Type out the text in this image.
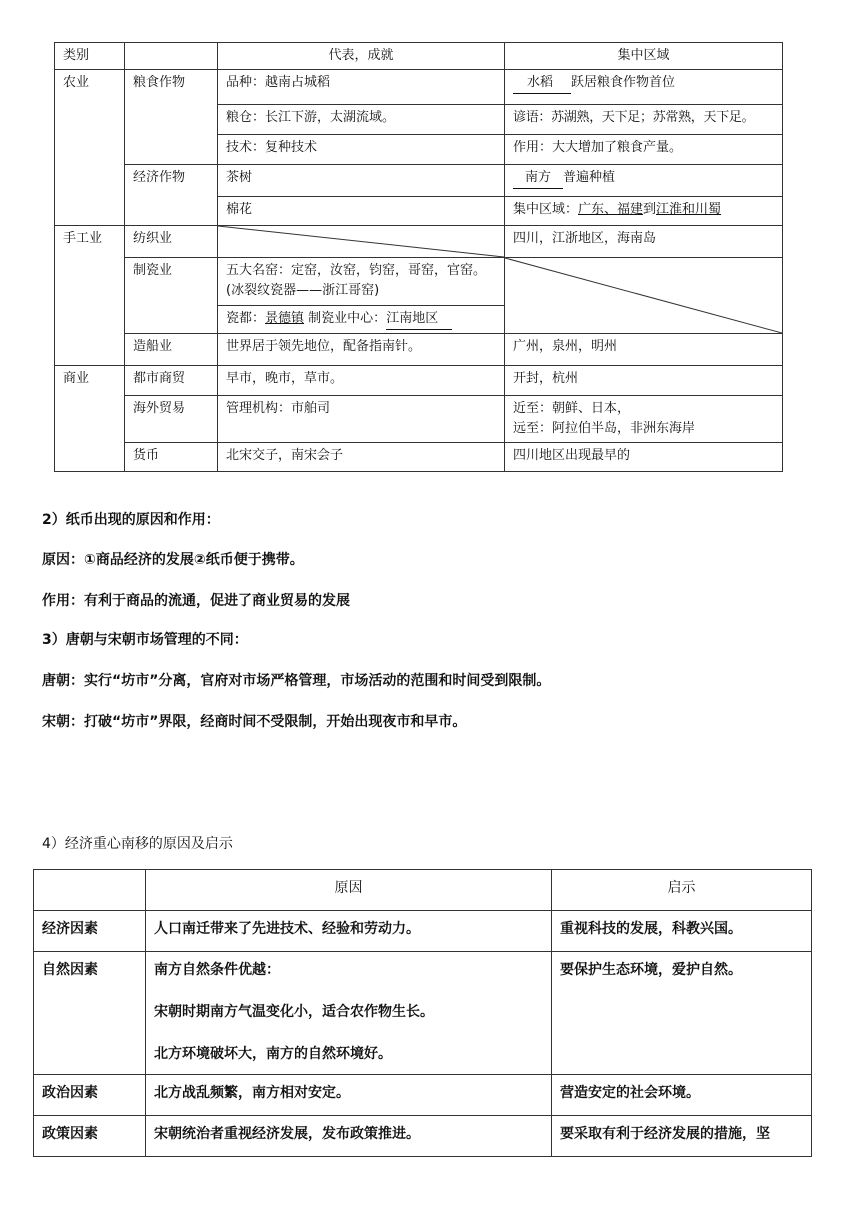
类别		代表，成就	集中区域
农业	粮食作物	品种：越南占城稻	水稻 跃居粮食作物首位
		粮仓：长江下游，太湖流域。	谚语：苏湖熟，天下足；苏常熟，天下足。
		技术：复种技术	作用：大大增加了粮食产量。
	经济作物	茶树	南方 普遍种植
		棉花	集中区域：广东、福建到江淮和川蜀
手工业	纺织业		四川，江浙地区，海南岛
	制瓷业	五大名窑：定窑，汝窑，钧窑，哥窑，官窑。(冰裂纹瓷器——浙江哥窑)	

		瓷都：景德镇 制瓷业中心：江南地区	
	造船业	世界居于领先地位，配备指南针。	广州，泉州，明州
商业	都市商贸	早市，晚市，草市。	开封，杭州
	海外贸易	管理机构：市舶司	近至：朝鲜、日本，
远至：阿拉伯半岛，非洲东海岸

	货币	北宋交子，南宋会子	四川地区出现最早的
2）纸币出现的原因和作用：
原因：①商品经济的发展②纸币便于携带。
作用：有利于商品的流通，促进了商业贸易的发展
3）唐朝与宋朝市场管理的不同：
唐朝：实行“坊市”分离，官府对市场严格管理，市场活动的范围和时间受到限制。
宋朝：打破“坊市”界限，经商时间不受限制，开始出现夜市和早市。
4）经济重心南移的原因及启示
	原因	启示
经济因素	人口南迁带来了先进技术、经验和劳动力。	重视科技的发展，科教兴国。
自然因素	南方自然条件优越：

宋朝时期南方气温变化小，适合农作物生长。

北方环境破坏大，南方的自然环境好。	要保护生态环境，爱护自然。
政治因素	北方战乱频繁，南方相对安定。	营造安定的社会环境。
政策因素	宋朝统治者重视经济发展，发布政策推进。	要采取有利于经济发展的措施，坚
